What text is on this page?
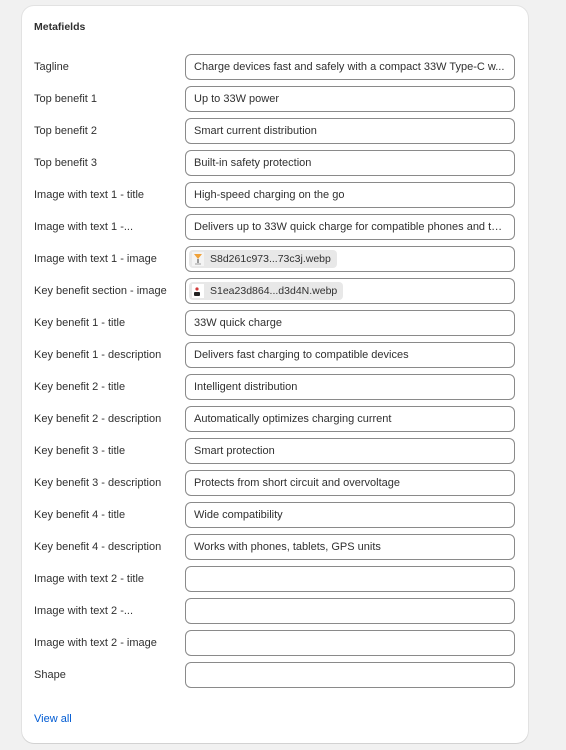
Metafields
Tagline	Charge devices fast and safely with a compact 33W Type-C w...
Top benefit 1	Up to 33W power
Top benefit 2	Smart current distribution
Top benefit 3	Built-in safety protection
Image with text 1 - title	High-speed charging on the go
Image with text 1 -...	Delivers up to 33W quick charge for compatible phones and ta...
Image with text 1 - image	S8d261c973...73c3j.webp
Key benefit section - image	S1ea23d864...d3d4N.webp
Key benefit 1 - title	33W quick charge
Key benefit 1 - description	Delivers fast charging to compatible devices
Key benefit 2 - title	Intelligent distribution
Key benefit 2 - description	Automatically optimizes charging current
Key benefit 3 - title	Smart protection
Key benefit 3 - description	Protects from short circuit and overvoltage
Key benefit 4 - title	Wide compatibility
Key benefit 4 - description	Works with phones, tablets, GPS units
Image with text 2 - title
Image with text 2 -...
Image with text 2 - image
Shape
View all
